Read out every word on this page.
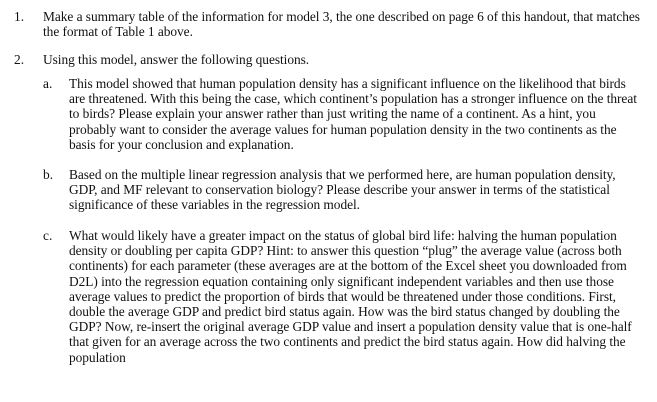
1.	Make a summary table of the information for model 3, the one described on page 6 of this handout, that matches the format of Table 1 above.
2.	Using this model, answer the following questions.
a.	This model showed that human population density has a significant influence on the likelihood that birds are threatened. With this being the case, which continent’s population has a stronger influence on the threat to birds? Please explain your answer rather than just writing the name of a continent. As a hint, you probably want to consider the average values for human population density in the two continents as the basis for your conclusion and explanation.
b.	Based on the multiple linear regression analysis that we performed here, are human population density, GDP, and MF relevant to conservation biology? Please describe your answer in terms of the statistical significance of these variables in the regression model.
c.	What would likely have a greater impact on the status of global bird life: halving the human population density or doubling per capita GDP? Hint: to answer this question “plug” the average value (across both continents) for each parameter (these averages are at the bottom of the Excel sheet you downloaded from D2L) into the regression equation containing only significant independent variables and then use those average values to predict the proportion of birds that would be threatened under those conditions. First, double the average GDP and predict bird status again. How was the bird status changed by doubling the GDP? Now, re-insert the original average GDP value and insert a population density value that is one-half that given for an average across the two continents and predict the bird status again. How did halving the population
